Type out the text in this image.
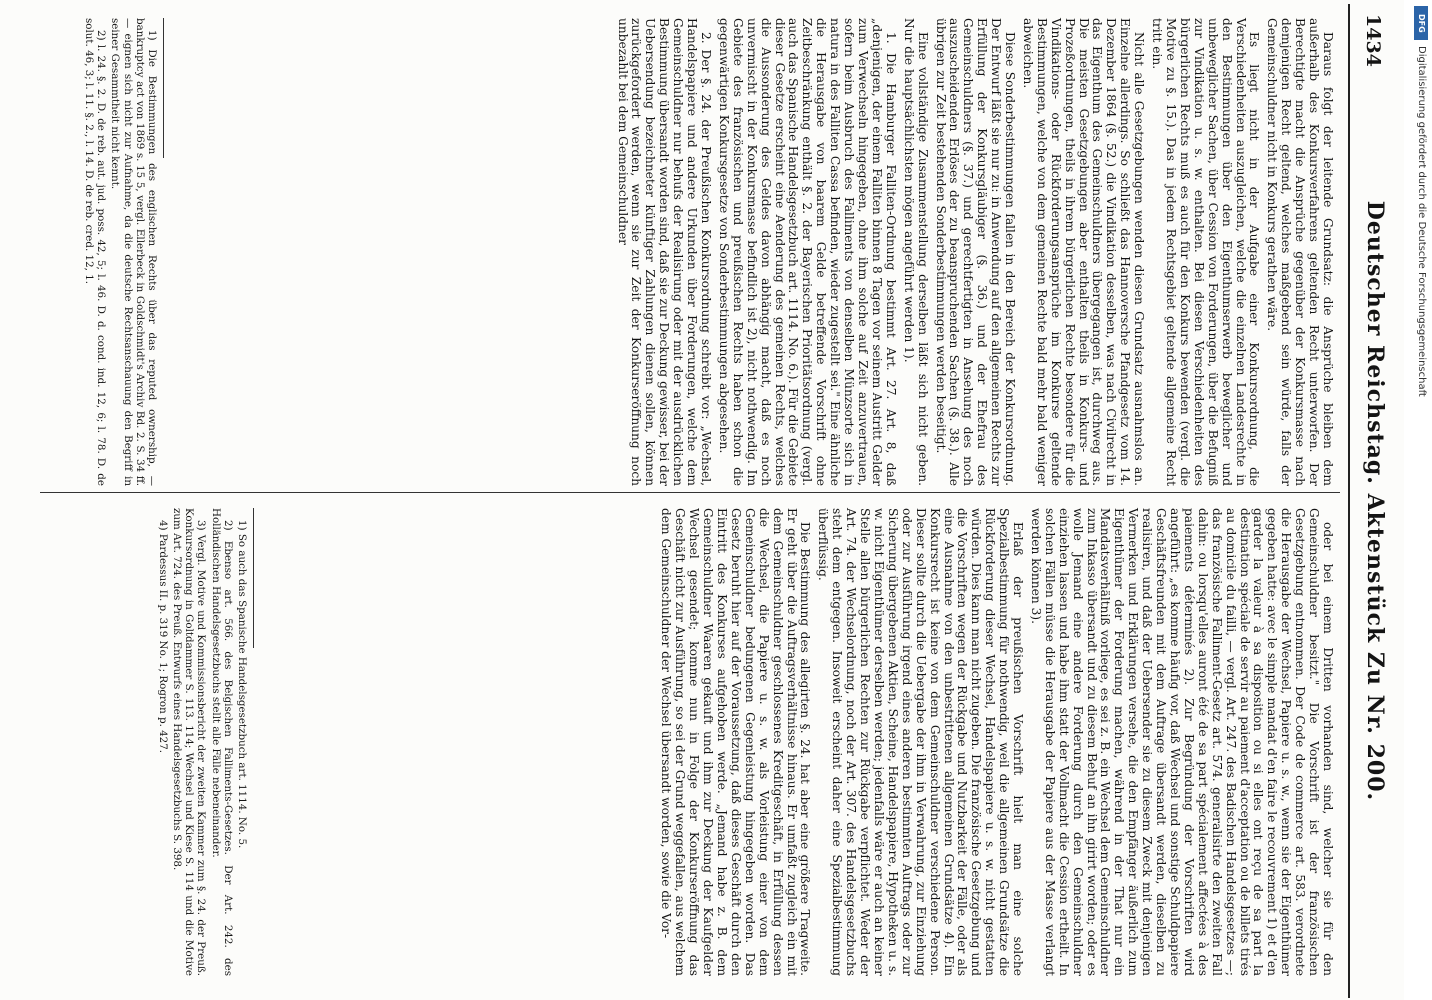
1434
Deutscher Reichstag. Aktenstück Zu Nr. 200.

Daraus folgt der leitende Grundsatz: die Ansprüche bleiben dem außerhalb des Konkursverfahrens geltenden Recht unterworfen. Der Berechtigte macht die Ansprüche gegenüber der Konkursmasse nach demjenigen Recht geltend, welches maßgebend sein würde, falls der Gemeinschuldner nicht in Konkurs gerathen wäre.

Es liegt nicht in der Aufgabe einer Konkursordnung, die Verschiedenheiten auszugleichen, welche die einzelnen Landesrechte in den Bestimmungen über den Eigenthumserwerb beweglicher und unbeweglicher Sachen, über Cession von Forderungen, über die Befugniß zur Vindikation u. s. w. enthalten. Bei diesen Verschiedenheiten des bürgerlichen Rechts muß es auch für den Konkurs bewenden (vergl. die Motive zu §. 15.). Das in jedem Rechtsgebiet geltende allgemeine Recht tritt ein.

Nicht alle Gesetzgebungen wenden diesen Grundsatz ausnahmslos an. Einzelne allerdings. So schließt das Hannoversche Pfandgesetz vom 14. Dezember 1864 (§. 52.) die Vindikation desselben, was nach Civilrecht in das Eigenthum des Gemeinschuldners übergegangen ist, durchweg aus. Die meisten Gesetzgebungen aber enthalten theils in Konkurs- und Prozeßordnungen, theils in ihrem bürgerlichen Rechte besondere für die Vindikations- oder Rückforderungsansprüche im Konkurse geltende Bestimmungen, welche von dem gemeinen Rechte bald mehr bald weniger abweichen.

Diese Sonderbestimmungen fallen in den Bereich der Konkursordnung. Der Entwurf läßt sie nur zu: in Anwendung auf den allgemeinen Rechts zur Erfüllung der Konkursgläubiger (§. 36.) und der Ehefrau des Gemeinschuldners (§. 37.) und gerechtfertigten in Ansehung des noch auszuscheidenden Erlöses der zu beanspruchenden Sachen (§. 38.). Alle übrigen zur Zeit bestehenden Sonderbestimmungen werden beseitigt.

Eine vollständige Zusammenstellung derselben läßt sich nicht geben. Nur die hauptsächlichsten mögen angeführt werden 1).

1. Die Hamburger Falliten-Ordnung bestimmt Art. 27. Art. 8, daß „denjenigen, der einem Falliten binnen 8 Tagen vor seinem Austritt Gelder zum Verwechseln hingegeben, ohne ihm solche auf Zeit anzuvertrauen, sofern beim Ausbruch des Falliments von denselben Münzsorte sich in natura in des Falliten Cassa befinden, wieder zugestellt sei." Eine ähnliche die Herausgabe von baarem Gelde betreffende Vorschrift ohne Zeitbeschränkung enthält §. 2. der Bayerischen Prioritätsordnung (vergl. auch das Spanische Handelsgesetzbuch art. 1114. No. 6.). Für die Gebiete dieser Gesetze erscheint eine Aenderung des gemeinen Rechts, welches die Aussonderung des Geldes davon abhängig macht, daß es noch unvermischt in der Konkursmasse befindlich ist 2), nicht nothwendig. Im Gebiete des französischen und preußischen Rechts haben schon die gegenwärtigen Konkursgesetze von Sonderbestimmungen abgesehen.

2. Der §. 24. der Preußischen Konkursordnung schreibt vor: „Wechsel, Handelspapiere und andere Urkunden über Forderungen, welche dem Gemeinschuldner nur behufs der Realisirung oder mit der ausdrücklichen Bestimmung übersandt worden sind, daß sie zur Deckung gewisser, bei der Uebersendung bezeichneter künftiger Zahlungen dienen sollen, können zurückgefordert werden, wenn sie zur Zeit der Konkurseröffnung noch unbezahlt bei dem Gemeinschuldner

oder bei einem Dritten vorhanden sind, welcher sie für den Gemeinschuldner besitzt." Die Vorschrift ist der französischen Gesetzgebung entnommen. Der Code de commerce art. 583. verordnete die Herausgabe der Wechsel, Papiere u. s. w., wenn sie der Eigenthümer gegeben hatte: avec le simple mandat d'en faire le recouvrement 1) et d'en garder la valeur à sa disposition ou si elles ont reçu de sa part la destination spéciale de servir au paiement d'acceptation ou de billets tirés au domicile du failli, — vergl. Art. 247. des Badischen Handelsgesetzes —; das französische Falliment-Gesetz art. 574. generalisirte den zweiten Fall dahin: ou lorsqu'elles auront été de sa part spécialement affectées à des paiements déterminés 2). Zur Begründung der Vorschriften wird angeführt: „es komme häufig vor, daß Wechsel und sonstige Schuldpapiere Geschäftsfreunden mit dem Auftrage übersandt werden, dieselben zu realisiren, und daß der Uebersender sie zu diesem Zweck mit denjenigen Vermerken und Erklärungen versehe, die den Empfänger äußerlich zum Eigenthümer der Forderung machen, während in der That nur ein Mandatsverhältniß vorliege, es sei z. B. ein Wechsel dem Gemeinschuldner zum Inkasso übersandt und zu diesem Behuf an ihn girirt worden; oder es wolle Jemand eine andere Forderung durch den Gemeinschuldner einziehen lassen und habe ihm statt der Vollmacht die Cession ertheilt. In solchen Fällen müsse die Herausgabe der Papiere aus der Masse verlangt werden können 3).

Erlaß der preußischen Vorschrift hielt man eine solche Spezialbestimmung für nothwendig, weil die allgemeinen Grundsätze die Rückforderung dieser Wechsel, Handelspapiere u. s. w. nicht gestatten würden. Dies kann man nicht zugeben. Die französische Gesetzgebung und die Vorschriften wegen der Rückgabe und Nutzbarkeit der Fälle, oder als eine Ausnahme von den unbestrittenen allgemeinen Grundsätze 4). Ein Konkursrecht ist keine von dem Gemeinschuldner verschiedene Person. Dieser sollte durch die Uebergabe der ihm in Verwahrung, zur Einziehung oder zur Ausführung irgend eines anderen bestimmten Auftrags oder zur Sicherung übergebenen Aktien, Scheine, Handelspapiere, Hypotheken u. s. w. nicht Eigenthümer derselben werden; jedenfalls wäre er auch an keiner Stelle allen bürgerlichen Rechten zur Rückgabe verpflichtet. Weder der Art. 74. der Wechselordnung, noch der Art. 307. des Handelsgesetzbuchs steht dem entgegen. Insoweit erscheint daher eine Spezialbestimmung überflüssig.

Die Bestimmung des allegirten §. 24. hat aber eine größere Tragweite. Er geht über die Auftragsverhältnisse hinaus. Er umfaßt zugleich ein mit dem Gemeinschuldner geschlossenes Kreditgeschäft, in Erfüllung dessen die Wechsel, die Papiere u. s. w. als Vorleistung einer von dem Gemeinschuldner bedungenen Gegenleistung hingegeben worden. Das Gesetz beruht hier auf der Voraussetzung, daß dieses Geschäft durch den Eintritt des Konkurses aufgehoben werde. „Jemand habe z. B. dem Gemeinschuldner Waaren gekauft und ihm zur Deckung der Kaufgelder Wechsel gesendet; komme nun in Folge der Konkurseröffnung das Geschäft nicht zur Ausführung, so sei der Grund weggefallen, aus welchem dem Gemeinschuldner der Wechsel übersandt worden, sowie die Vor-

1) Die Bestimmungen des englischen Rechts über das reputed ownership, — bankruptcy act von 1869 s. 15 5, vergl. Ellerbeck in Goldschmidt's Archiv Bd. 2. S. 34 ff. — eignen sich nicht zur Aufnahme, da die deutsche Rechtsanschauung den Begriff in seiner Gesammtheit nicht kennt.

2) l. 24. §. 2. D. de reb. aut. jud. poss. 42, 5; l. 46. D. d. cond. ind. 12, 6; l. 78. D. de solut. 46, 3; l. 11. §. 2., l. 14. D. de reb. cred. 12, 1.

1) So auch das Spanische Handelsgesetzbuch art. 1114. No. 5.

2) Ebenso art. 566. des Belgischen Falliments-Gesetzes. Der Art. 242. des Holländischen Handelsgesetzbuchs stellt alle Fälle nebeneinander.

3) Vergl. Motive und Kommissionsbericht der zweiten Kammer zum §. 24. der Preuß. Konkursordnung in Goltdammer S. 113. 114; Wechsel und Kiese S. 114 und die Motive zum Art. 724. des Preuß. Entwurfs eines Handelsgesetzbuchs S. 398.

4) Pardessus II. p. 319 No. 1; Rogron p. 427.

DFG
Digitalisierung gefördert durch die Deutsche Forschungsgemeinschaft
